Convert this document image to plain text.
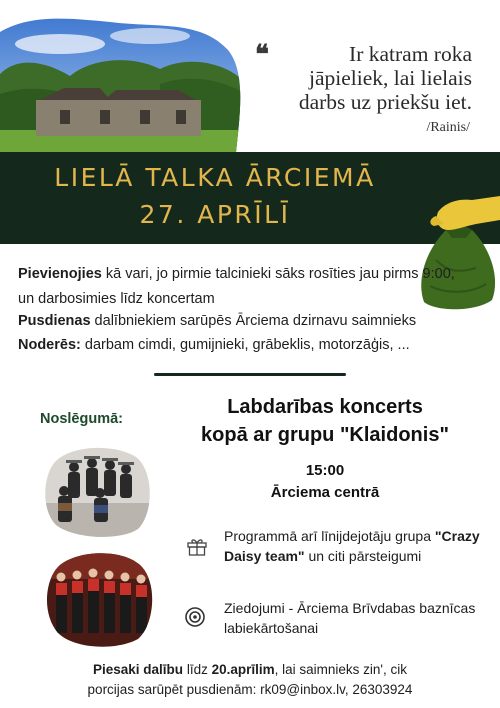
❝	Ir katram roka
jāpieliek, lai lielais
darbs uz priekšu iet.
/Rainis/
LIELĀ TALKA ĀRCIEMĀ
27. APRĪLĪ
Pievienojies kā vari, jo pirmie talcinieki sāks rosīties jau pirms 9:00, un darbosimies līdz koncertam
Pusdienas dalībniekiem sarūpēs Ārciema dzirnavu saimnieks
Noderēs: darbam cimdi, gumijnieki, grābeklis, motorzāģis, ...
Noslēgumā:
Labdarības koncerts
kopā ar grupu "Klaidonis"
15:00
Ārciema centrā
Programmā arī līnijdejotāju grupa "Crazy Daisy team" un citi pārsteigumi
Ziedojumi - Ārciema Brīvdabas baznīcas labiekārtošanai
Piesaki dalību līdz 20.aprīlim, lai saimnieks zin', cik
porcijas sarūpēt pusdienām: rk09@inbox.lv, 26303924
